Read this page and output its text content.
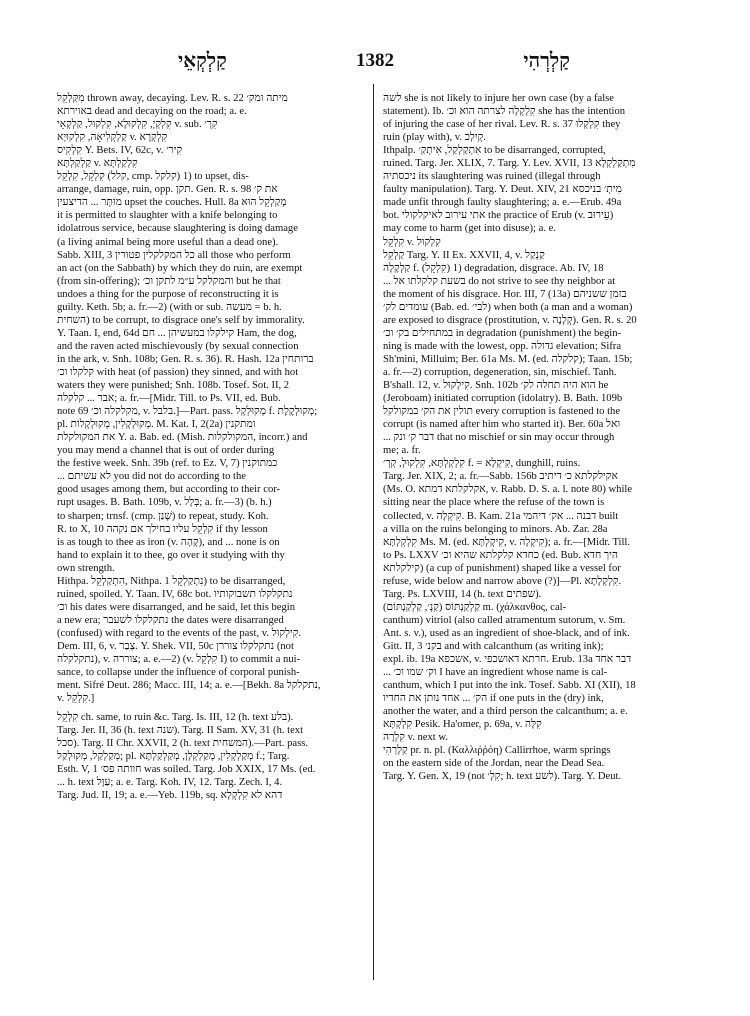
קַלְקְאֵי	1382	קַלְרְהִי
מִקַּלְקֵל thrown away, decaying. Lev. R. s. 22 מיתה ומק׳
באוירתא dead and decaying on the road; a. e.
קִלְקְיָ, קִלְקוּלָא, קִלְקוּל, קַלְקְאֵי v. sub. קִרְ׳
קַלְקְלִיאָה, קִלְקוּיָא v. קִלְקְרָא
קִלְקִיס Y. Bets. IV, 62c, v. קִיר׳
קַלְקַלְתָּא v. קִלְקַלְתָּא
קִלְקֵל, קִלְקֵל (קלל, cmp. קלקל) 1) to upset, dis-
arrange, damage, ruin, opp. תקן. Gen. R. s. 98 את ק׳
מוּתָּר ... הדיצעין upset the couches. Hull. 8a מְקַלְקֵל הוּא
it is permitted to slaughter with a knife belonging to
idolatrous service, because slaughtering is doing damage
(a living animal being more useful than a dead one).
Sabb. XIII, 3 כל המקלקלין פטורין all those who perform
an act (on the Sabbath) by which they do ruin, are exempt
(from sin-offering); והמקלקל ע״מ לתקן וכ׳ but he that
undoes a thing for the purpose of reconstructing it is
guilty. Keth. 5b; a. fr.—2) (with or sub. מעשה = b. h.
השחית) to be corrupt, to disgrace one's self by immorality.
Y. Taan. I, end, 64d קילקלו במעשיהן ... חם Ham, the dog,
and the raven acted mischievously (by sexual connection
in the ark, v. Snh. 108b; Gen. R. s. 36). R. Hash. 12a ברותחין
קלקלו וכ׳ with heat (of passion) they sinned, and with hot
waters they were punished; Snh. 108b. Tosef. Sot. II, 2
אבר ... קלקלה; a. fr.—[Midr. Till. to Ps. VII, ed. Bub.
note 69 מקלקלה וכ׳, v. בלבל.]—Part. pass. מְקוּלְקָל f. מְקוּלְקֶלֶת;
pl. מְקוּלְקָלִין, מְקוּלְקָלוֹת. M. Kat. I, 2(2a) ומתקנין
את המקולקלת Y. a. Bab. ed. (Mish. המקולקלות, incorr.) and
you may mend a channel that is out of order during
the festive week. Snh. 39b (ref. to Ez. V, 7) כמתוקנין
... לא עשיתם you did not do according to the
good usages among them, but according to their cor-
rupt usages. B. Bath. 109b, v. בְּלָל; a. fr.—3) (b. h.)
to sharpen; trnsf. (cmp. שָׁנַן) to repeat, study. Koh.
R. to X, 10 קִלְקֵל עליו בחילך אם נקהה if thy lesson
is as tough to thee as iron (v. קָהָה), and ... none is on
hand to explain it to thee, go over it studying with thy
own strength.
Hithpa. הִתְקַלְקֵל, Nithpa. נִתְקַלְקֵל 1) to be disarranged,
ruined, spoiled. Y. Taan. IV, 68c bot. נתקלקלו תשבוקותיו
וכ׳ his dates were disarranged, and he said, let this begin
a new era; נתקלקלו לשעבר the dates were disarranged
(confused) with regard to the events of the past, v. קִילְקוּל.
Dem. III, 6, v. צְבַר. Y. Shek. VII, 50c נתקלקלו צוררן (not
נתקלקלה), v. צוררה; a. e.—2) (v. קִלְקֵל I) to commit a nui-
sance, to collapse under the influence of corporal punish-
ment. Sifré Deut. 286; Macc. III, 14; a. e.—[Bekh. 8a נתקלקל,
v. קִלְקֵל.]
קִלְקֵל ch. same, to ruin &c. Targ. Is. III, 12 (h. text בלע).
Targ. Jer. II, 36 (h. text שנה). Targ. II Sam. XV, 31 (h. text
סכל). Targ. II Chr. XXVII, 2 (h. text המשחית).—Part. pass.
מְקַלְקַל, מְקוּלְקַל; pl. מְקַלְקְלִין, מְקַלְקְלָן, מְקַלְקַלְתָּא f.; Targ.
Esth. V, 1 חוותה פס׳ was soiled. Targ. Job XXIX, 17 Ms. (ed.
... h. text עַוָּל; a. e. Targ. Koh. IV, 12. Targ. Zech. I, 4.
Targ. Jud. II, 19; a. e.—Yeb. 119b, sq. דהא לא קִלְקְלָא
לשה she is not likely to injure her own case (by a false
statement). Ib. קִלְקְלָה לצרתה הוא וכ׳ she has the intention
of injuring the case of her rival. Lev. R. s. 37 קִלְקְלוּ they
ruin (play with), v. קְיִלְכ.
Ithpalp. אִתְקַלְקַל, אִיתְקַ׳ to be disarranged, corrupted,
ruined. Targ. Jer. XLIX, 7. Targ. Y. Lev. XVII, 13 מִתְקַלְקְלָא
ניכסתיה its slaughtering was ruined (illegal through
faulty manipulation). Targ. Y. Deut. XIV, 21 מִיתְ׳ בניכסא
made unfit through faulty slaughtering; a. e.—Erub. 49a
bot. אתי עירוב לאיקלקולי the practice of Erub (v. עֵירוּב)
may come to harm (get into disuse); a. e.
קִלְקֵל v. קִלְקוּל
קַלְקֵל Targ. Y. II Ex. XXVII, 4, v. קַנְקַל
קַלְקָלָה f. (קִלְקֵל) 1) degradation, disgrace. Ab. IV, 18
... בשעת קלקלתו אל do not strive to see thy neighbor at
the moment of his disgrace. Hor. III, 7 (13a) בזמן ששניהם
עומדים לק׳ (Bab. ed. לבי׳) when both (a man and a woman)
are exposed to disgrace (prostitution, v. קְלָנָה). Gen. R. s. 20
במתחילים בק׳ וכ׳ in degradation (punishment) the begin-
ning is made with the lowest, opp. גדולה elevation; Sifra
Sh'mini, Milluim; Ber. 61a Ms. M. (ed. קלקלה); Taan. 15b;
a. fr.—2) corruption, degeneration, sin, mischief. Tanh.
B'shall. 12, v. קִילְקוּל. Snh. 102b הוא היה תחלה לק׳ he
(Jeroboam) initiated corruption (idolatry). B. Bath. 109b
תולין את הק׳ במקולקל every corruption is fastened to the
corrupt (is named after him who started it). Ber. 60a ואל
... דבר ק׳ ונק that no mischief or sin may occur through
me; a. fr.
קִלְקְלְתָּא, קִלְקוּלְ, קְרְ׳ f. = קִיקְלָא, dunghill, ruins.
Targ. Jer. XIX, 2; a. fr.—Sabb. 156b אקילקלתא כ׳ דיתיב
(Ms. O. אקלקלתא דמתא, v. Rabb. D. S. a. l. note 80) while
sitting near the place where the refuse of the town is
collected, v. קִיקְלָה. B. Kam. 21a דבנה ... אק׳ דיהמי built
a villa on the ruins belonging to minors. Ab. Zar. 28a
קִלְקְלְתָּא Ms. M. (ed. קִיקְלְתָּא, v. קִיקְלָה); a. fr.—[Midr. Till.
to Ps. LXXV כחדא קלקלתא שהיא וכ׳ (ed. Bub. היך חדא
קילקלתא) (a cup of punishment) shaped like a vessel for
refuse, wide below and narrow above (?)]—Pl. קִלְקְלָתָא.
Targ. Ps. LXVIII, 14 (h. text שפתים).
קַלְקַנְתּוֹס (קַנְ׳, קַלְקַנְתּוֹם) m. (χάλκανθος, cal-
canthum) vitriol (also called atramentum sutorum, v. Sm.
Ant. s. v.), used as an ingredient of shoe-black, and of ink.
Gitt. II, 3 בקנ׳ and with calcanthum (as writing ink);
expl. ib. 19a אשכפא, v. חרתא דאושכפי. Erub. 13a דבר אחד
... וק׳ שמו וכ׳ I have an ingredient whose name is cal-
canthum, which I put into the ink. Tosef. Sabb. XI (XII), 18
הק׳ ... אחד נותן את החדיו if one puts in the (dry) ink,
another the water, and a third person the calcanthum; a. e.
קִלְקְתָּא Pesik. Ha'omer, p. 69a, v. קִלָּה
קִלְרָה v. next w.
קַלְרְהִי pr. n. pl. (Καλλιῤῥόη) Callirrhoe, warm springs
on the eastern side of the Jordan, near the Dead Sea.
Targ. Y. Gen. X, 19 (not קִלְ׳; h. text לשע). Targ. Y. Deut.
